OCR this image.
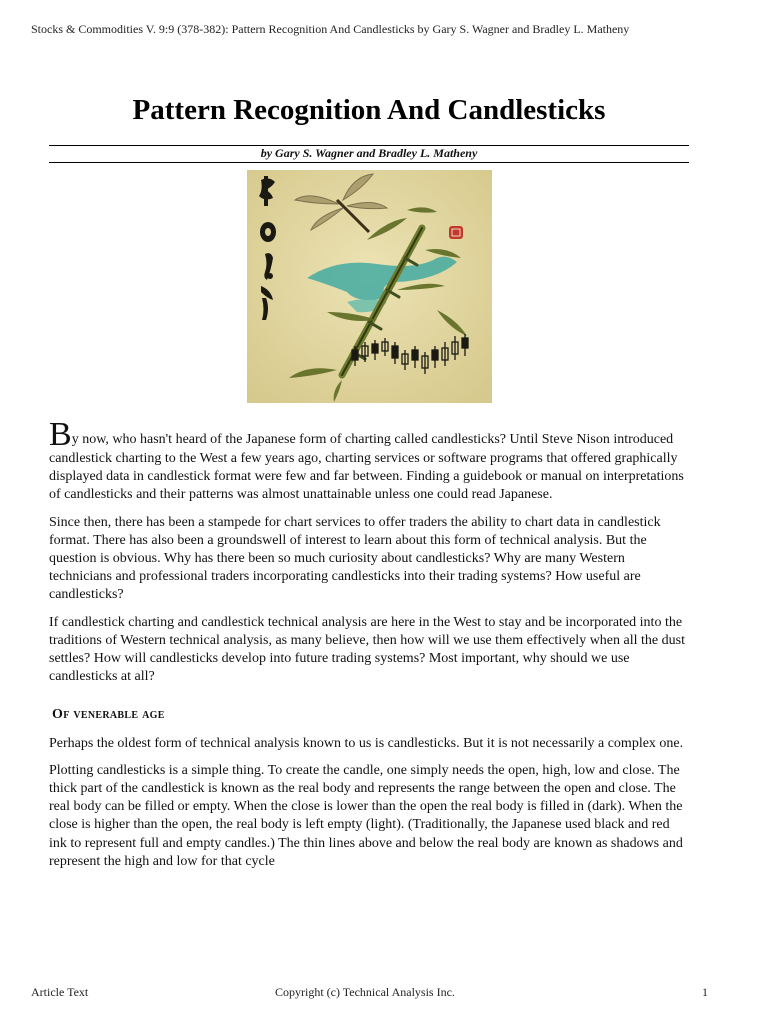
Stocks & Commodities V. 9:9 (378-382): Pattern Recognition And Candlesticks by Gary S. Wagner and Bradley L. Matheny
Pattern Recognition And Candlesticks
by Gary S. Wagner and Bradley L. Matheny

By now, who hasn't heard of the Japanese form of charting called candlesticks? Until Steve Nison introduced candlestick charting to the West a few years ago, charting services or software programs that offered graphically displayed data in candlestick format were few and far between. Finding a guidebook or manual on interpretations of candlesticks and their patterns was almost unattainable unless one could read Japanese.

Since then, there has been a stampede for chart services to offer traders the ability to chart data in candlestick format. There has also been a groundswell of interest to learn about this form of technical analysis. But the question is obvious. Why has there been so much curiosity about candlesticks? Why are many Western technicians and professional traders incorporating candlesticks into their trading systems? How useful are candlesticks?

If candlestick charting and candlestick technical analysis are here in the West to stay and be incorporated into the traditions of Western technical analysis, as many believe, then how will we use them effectively when all the dust settles? How will candlesticks develop into future trading systems? Most important, why should we use candlesticks at all?

Of venerable age

Perhaps the oldest form of technical analysis known to us is candlesticks. But it is not necessarily a complex one.

Plotting candlesticks is a simple thing. To create the candle, one simply needs the open, high, low and close. The thick part of the candlestick is known as the real body and represents the range between the open and close. The real body can be filled or empty. When the close is lower than the open the real body is filled in (dark). When the close is higher than the open, the real body is left empty (light). (Traditionally, the Japanese used black and red ink to represent full and empty candles.) The thin lines above and below the real body are known as shadows and represent the high and low for that cycle

Article Text	Copyright (c) Technical Analysis Inc.	1
